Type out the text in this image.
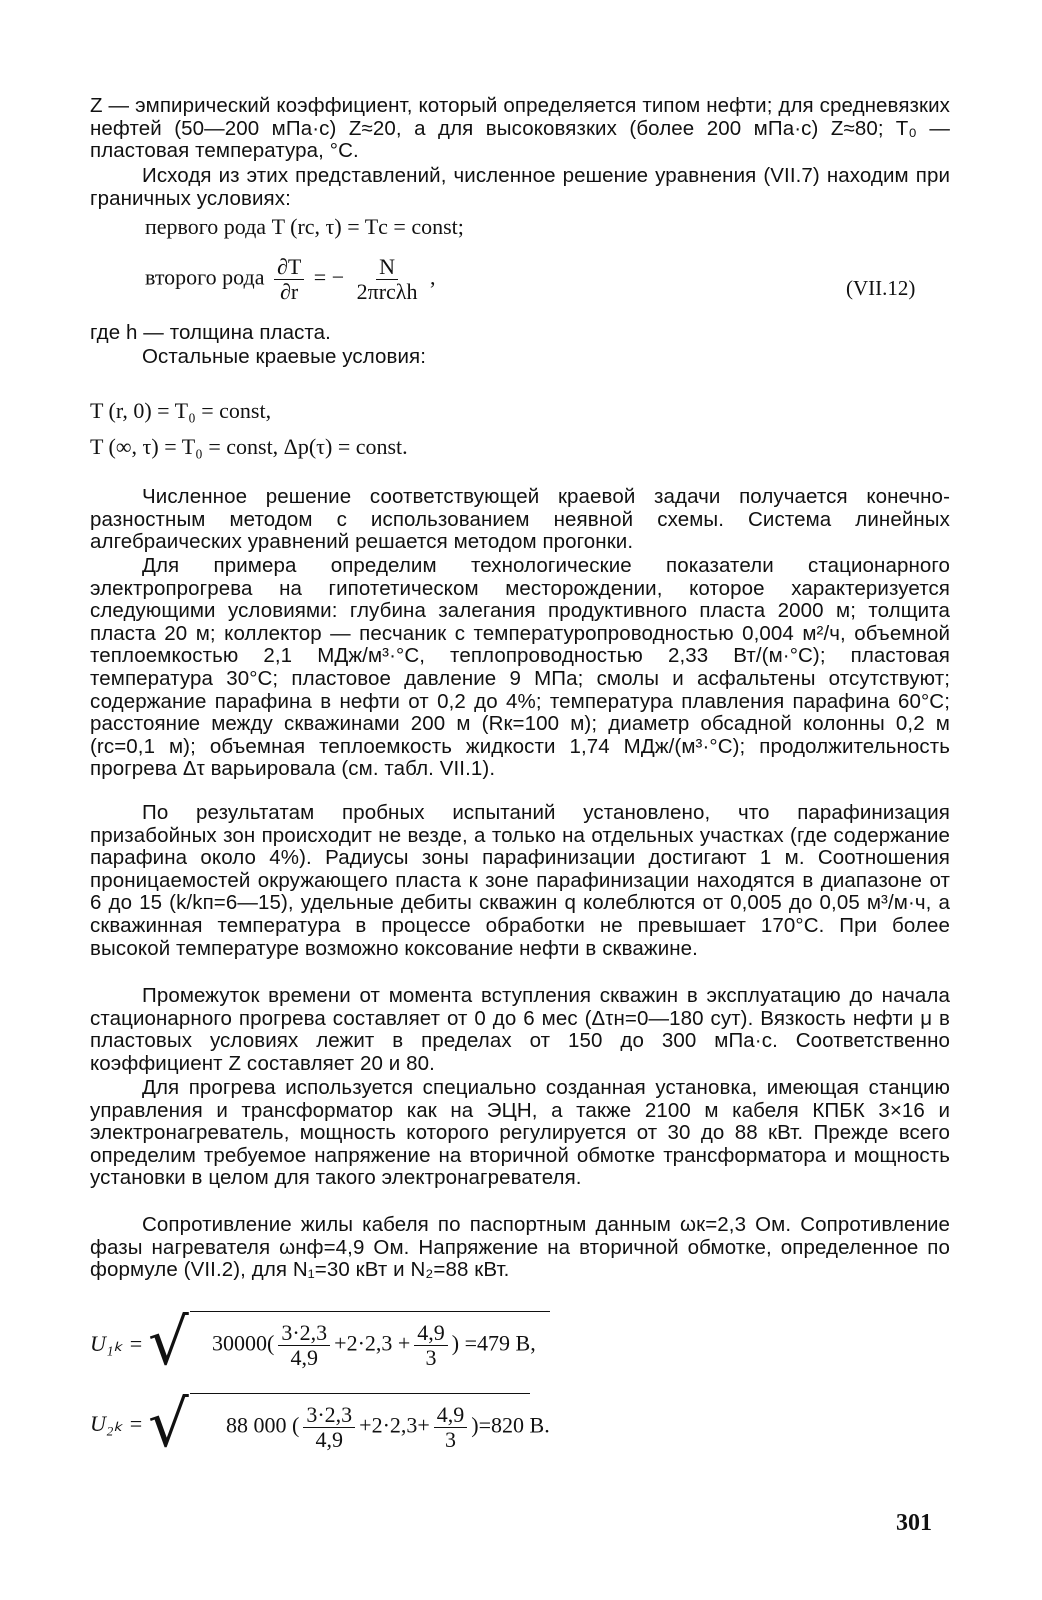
Z — эмпирический коэффициент, который определяется типом нефти; для средневязких нефтей (50—200 мПа·с) Z≈20, а для высоковязких (более 200 мПа·с) Z≈80; T₀ — пластовая температура, °С.

Исходя из этих представлений, численное решение уравнения (VII.7) находим при граничных условиях:

первого рода T (rс, τ) = Tс = const;
второго рода $\frac{\partial T}{\partial r}$ = − $\frac{N}{\text{2πrсλh}}$ ,	(VII.12)

где h — толщина пласта.

Остальные краевые условия:

T (r, 0) = T₀ = const,
T (∞, τ) = T₀ = const, Δp(τ) = const.

Численное решение соответствующей краевой задачи получается конечно-разностным методом с использованием неявной схемы. Система линейных алгебраических уравнений решается методом прогонки.

Для примера определим технологические показатели стационарного электропрогрева на гипотетическом месторождении, которое характеризуется следующими условиями: глубина залегания продуктивного пласта 2000 м; толщита пласта 20 м; коллектор — песчаник с температуропроводностью 0,004 м²/ч, объемной теплоемкостью 2,1 МДж/м³·°С, теплопроводностью 2,33 Вт/(м·°С); пластовая температура 30°С; пластовое давление 9 МПа; смолы и асфальтены отсутствуют; содержание парафина в нефти от 0,2 до 4%; температура плавления парафина 60°С; расстояние между скважинами 200 м (Rк=100 м); диаметр обсадной колонны 0,2 м (rс=0,1 м); объемная теплоемкость жидкости 1,74 МДж/(м³·°С); продолжительность прогрева Δτ варьировала (см. табл. VII.1).

По результатам пробных испытаний установлено, что парафинизация призабойных зон происходит не везде, а только на отдельных участках (где содержание парафина около 4%). Радиусы зоны парафинизации достигают 1 м. Соотношения проницаемостей окружающего пласта к зоне парафинизации находятся в диапазоне от 6 до 15 (k/kп=6—15), удельные дебиты скважин q колеблются от 0,005 до 0,05 м³/м·ч, а скважинная температура в процессе обработки не превышает 170°С. При более высокой температуре возможно коксование нефти в скважине.

Промежуток времени от момента вступления скважин в эксплуатацию до начала стационарного прогрева составляет от 0 до 6 мес (Δτн=0—180 сут). Вязкость нефти μ в пластовых условиях лежит в пределах от 150 до 300 мПа·с. Соответственно коэффициент Z составляет 20 и 80.

Для прогрева используется специально созданная установка, имеющая станцию управления и трансформатор как на ЭЦН, а также 2100 м кабеля КПБК 3×16 и электронагреватель, мощность которого регулируется от 30 до 88 кВт. Прежде всего определим требуемое напряжение на вторичной обмотке трансформатора и мощность установки в целом для такого электронагревателя.

Сопротивление жилы кабеля по паспортным данным ωк=2,3 Ом. Сопротивление фазы нагревателя ωнф=4,9 Ом. Напряжение на вторичной обмотке, определенное по формуле (VII.2), для N₁=30 кВт и N₂=88 кВт.

U₁ₖ = √ $30000( \frac{3\cdot 2,3}{4,9} +2\cdot 2,3 + \frac{4,9}{3}$ ) =479 В,
U₂ₖ = √ 88 000 ( $\frac{3\cdot 2,3}{4,9} +2\cdot 2,3+ \frac{4,9}{3} )=820$ В.
301
